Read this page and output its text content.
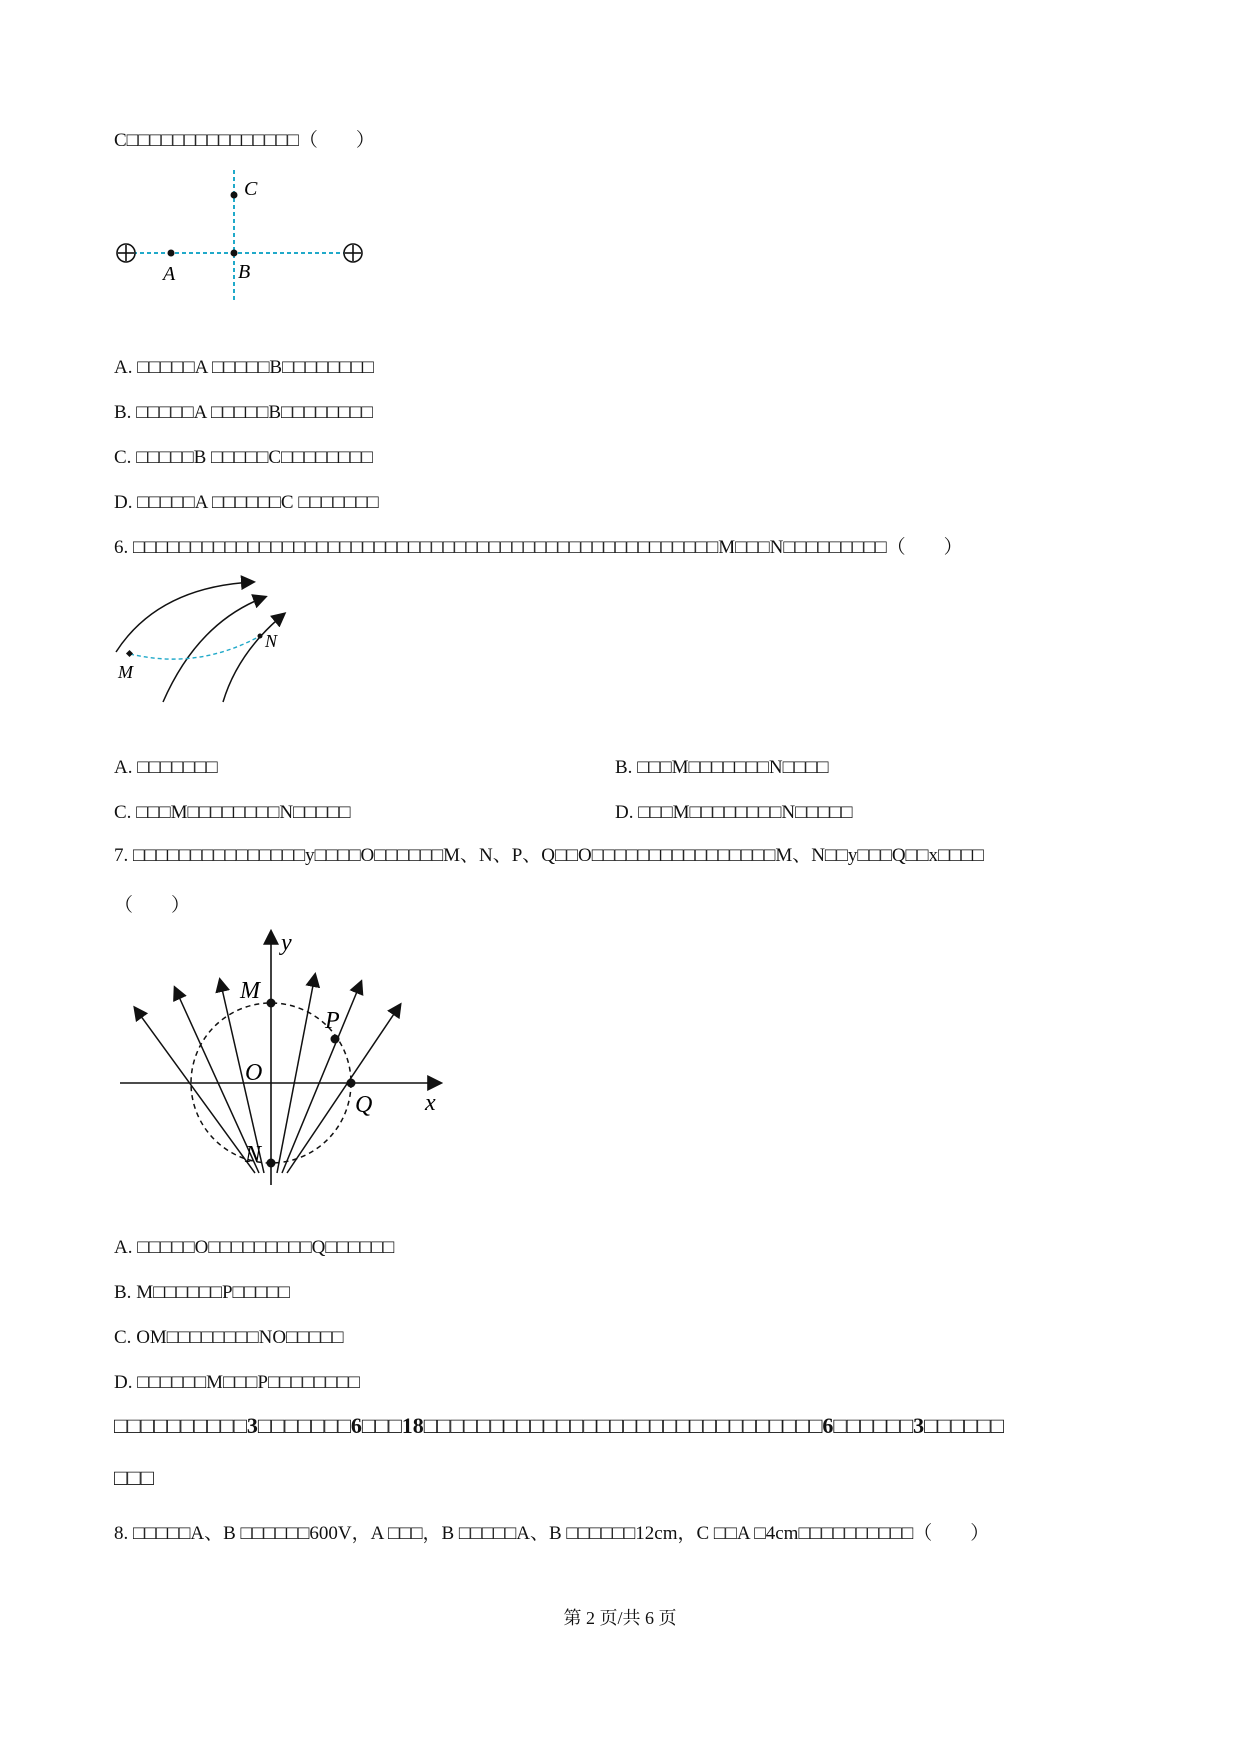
C□□□□□□□□□□□□□□□（　　）
A	B
C
A. □□□□□A □□□□□B□□□□□□□□
B. □□□□□A □□□□□B□□□□□□□□
C. □□□□□B □□□□□C□□□□□□□□
D. □□□□□A □□□□□□C □□□□□□□
6. □□□□□□□□□□□□□□□□□□□□□□□□□□□□□□□□□□□□□□□□□□□□□□□□□□□M□□□N□□□□□□□□□（　　）
M
N
A. □□□□□□□	B. □□□M□□□□□□□N□□□□
C. □□□M□□□□□□□□N□□□□□	D. □□□M□□□□□□□□N□□□□□
7. □□□□□□□□□□□□□□□y□□□□O□□□□□□M、N、P、Q□□O□□□□□□□□□□□□□□□□M、N□□y□□□Q□□x□□□□
（　　）
y
x
M
P
O
Q
N
A. □□□□□O□□□□□□□□□Q□□□□□□
B. M□□□□□□P□□□□□
C. OM□□□□□□□□NO□□□□□
D. □□□□□□M□□□P□□□□□□□□
□□□□□□□□□□3□□□□□□□6□□□18□□□□□□□□□□□□□□□□□□□□□□□□□□□□□□6□□□□□□3□□□□□□
□□□
8. □□□□□A、B □□□□□□600V，A □□□，B □□□□□A、B □□□□□□12cm，C □□A □4cm□□□□□□□□□□（　　）
第 2 页/共 6 页
